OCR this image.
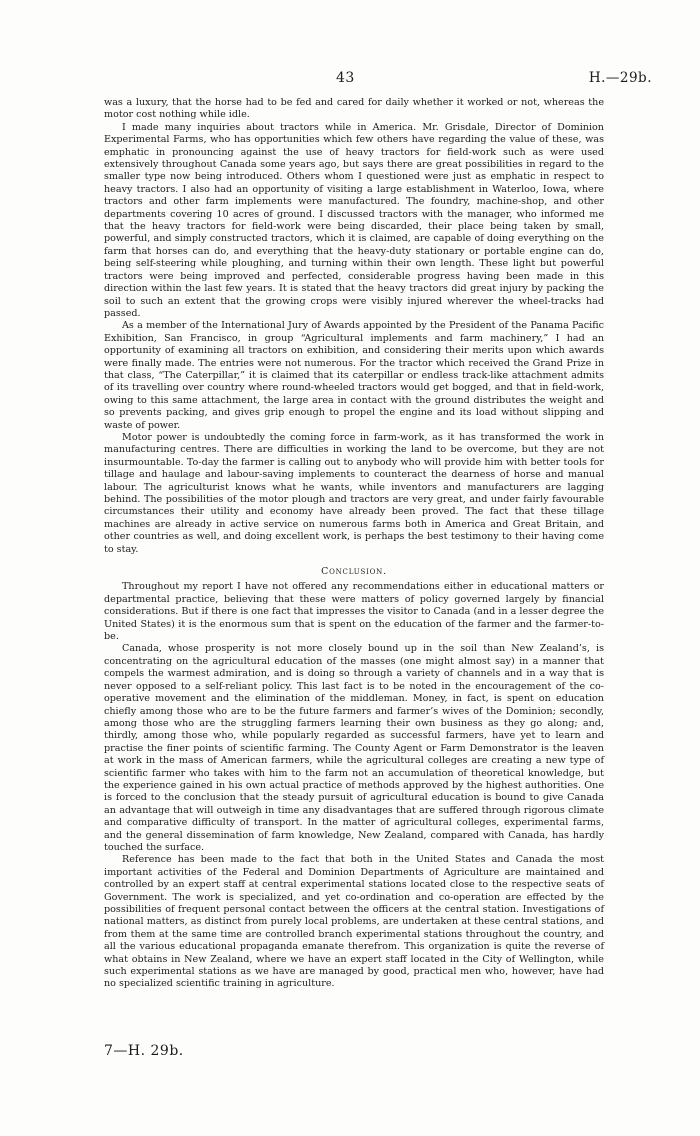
43	H.—29b.

was a luxury, that the horse had to be fed and cared for daily whether it worked or not, whereas the motor cost nothing while idle.

I made many inquiries about tractors while in America. Mr. Grisdale, Director of Dominion Experimental Farms, who has opportunities which few others have regarding the value of these, was emphatic in pronouncing against the use of heavy tractors for field-work such as were used extensively throughout Canada some years ago, but says there are great possibilities in regard to the smaller type now being introduced. Others whom I questioned were just as emphatic in respect to heavy tractors. I also had an opportunity of visiting a large establishment in Waterloo, Iowa, where tractors and other farm implements were manufactured. The foundry, machine-shop, and other departments covering 10 acres of ground. I discussed tractors with the manager, who informed me that the heavy tractors for field-work were being discarded, their place being taken by small, powerful, and simply constructed tractors, which it is claimed, are capable of doing everything on the farm that horses can do, and everything that the heavy-duty stationary or portable engine can do, being self-steering while ploughing, and turning within their own length. These light but powerful tractors were being improved and perfected, considerable progress having been made in this direction within the last few years. It is stated that the heavy tractors did great injury by packing the soil to such an extent that the growing crops were visibly injured wherever the wheel-tracks had passed.

As a member of the International Jury of Awards appointed by the President of the Panama Pacific Exhibition, San Francisco, in group “Agricultural implements and farm machinery,” I had an opportunity of examining all tractors on exhibition, and considering their merits upon which awards were finally made. The entries were not numerous. For the tractor which received the Grand Prize in that class, “The Caterpillar,” it is claimed that its caterpillar or endless track-like attachment admits of its travelling over country where round-wheeled tractors would get bogged, and that in field-work, owing to this same attachment, the large area in contact with the ground distributes the weight and so prevents packing, and gives grip enough to propel the engine and its load without slipping and waste of power.

Motor power is undoubtedly the coming force in farm-work, as it has transformed the work in manufacturing centres. There are difficulties in working the land to be overcome, but they are not insurmountable. To-day the farmer is calling out to anybody who will provide him with better tools for tillage and haulage and labour-saving implements to counteract the dearness of horse and manual labour. The agriculturist knows what he wants, while inventors and manufacturers are lagging behind. The possibilities of the motor plough and tractors are very great, and under fairly favourable circumstances their utility and economy have already been proved. The fact that these tillage machines are already in active service on numerous farms both in America and Great Britain, and other countries as well, and doing excellent work, is perhaps the best testimony to their having come to stay.

Conclusion.

Throughout my report I have not offered any recommendations either in educational matters or departmental practice, believing that these were matters of policy governed largely by financial considerations. But if there is one fact that impresses the visitor to Canada (and in a lesser degree the United States) it is the enormous sum that is spent on the education of the farmer and the farmer-to-be.

Canada, whose prosperity is not more closely bound up in the soil than New Zealand’s, is concentrating on the agricultural education of the masses (one might almost say) in a manner that compels the warmest admiration, and is doing so through a variety of channels and in a way that is never opposed to a self-reliant policy. This last fact is to be noted in the encouragement of the co-operative movement and the elimination of the middleman. Money, in fact, is spent on education chiefly among those who are to be the future farmers and farmer’s wives of the Dominion; secondly, among those who are the struggling farmers learning their own business as they go along; and, thirdly, among those who, while popularly regarded as successful farmers, have yet to learn and practise the finer points of scientific farming. The County Agent or Farm Demonstrator is the leaven at work in the mass of American farmers, while the agricultural colleges are creating a new type of scientific farmer who takes with him to the farm not an accumulation of theoretical knowledge, but the experience gained in his own actual practice of methods approved by the highest authorities. One is forced to the conclusion that the steady pursuit of agricultural education is bound to give Canada an advantage that will outweigh in time any disadvantages that are suffered through rigorous climate and comparative difficulty of transport. In the matter of agricultural colleges, experimental farms, and the general dissemination of farm knowledge, New Zealand, compared with Canada, has hardly touched the surface.

Reference has been made to the fact that both in the United States and Canada the most important activities of the Federal and Dominion Departments of Agriculture are maintained and controlled by an expert staff at central experimental stations located close to the respective seats of Government. The work is specialized, and yet co-ordination and co-operation are effected by the possibilities of frequent personal contact between the officers at the central station. Investigations of national matters, as distinct from purely local problems, are undertaken at these central stations, and from them at the same time are controlled branch experimental stations throughout the country, and all the various educational propaganda emanate therefrom. This organization is quite the reverse of what obtains in New Zealand, where we have an expert staff located in the City of Wellington, while such experimental stations as we have are managed by good, practical men who, however, have had no specialized scientific training in agriculture.

7—H. 29b.
